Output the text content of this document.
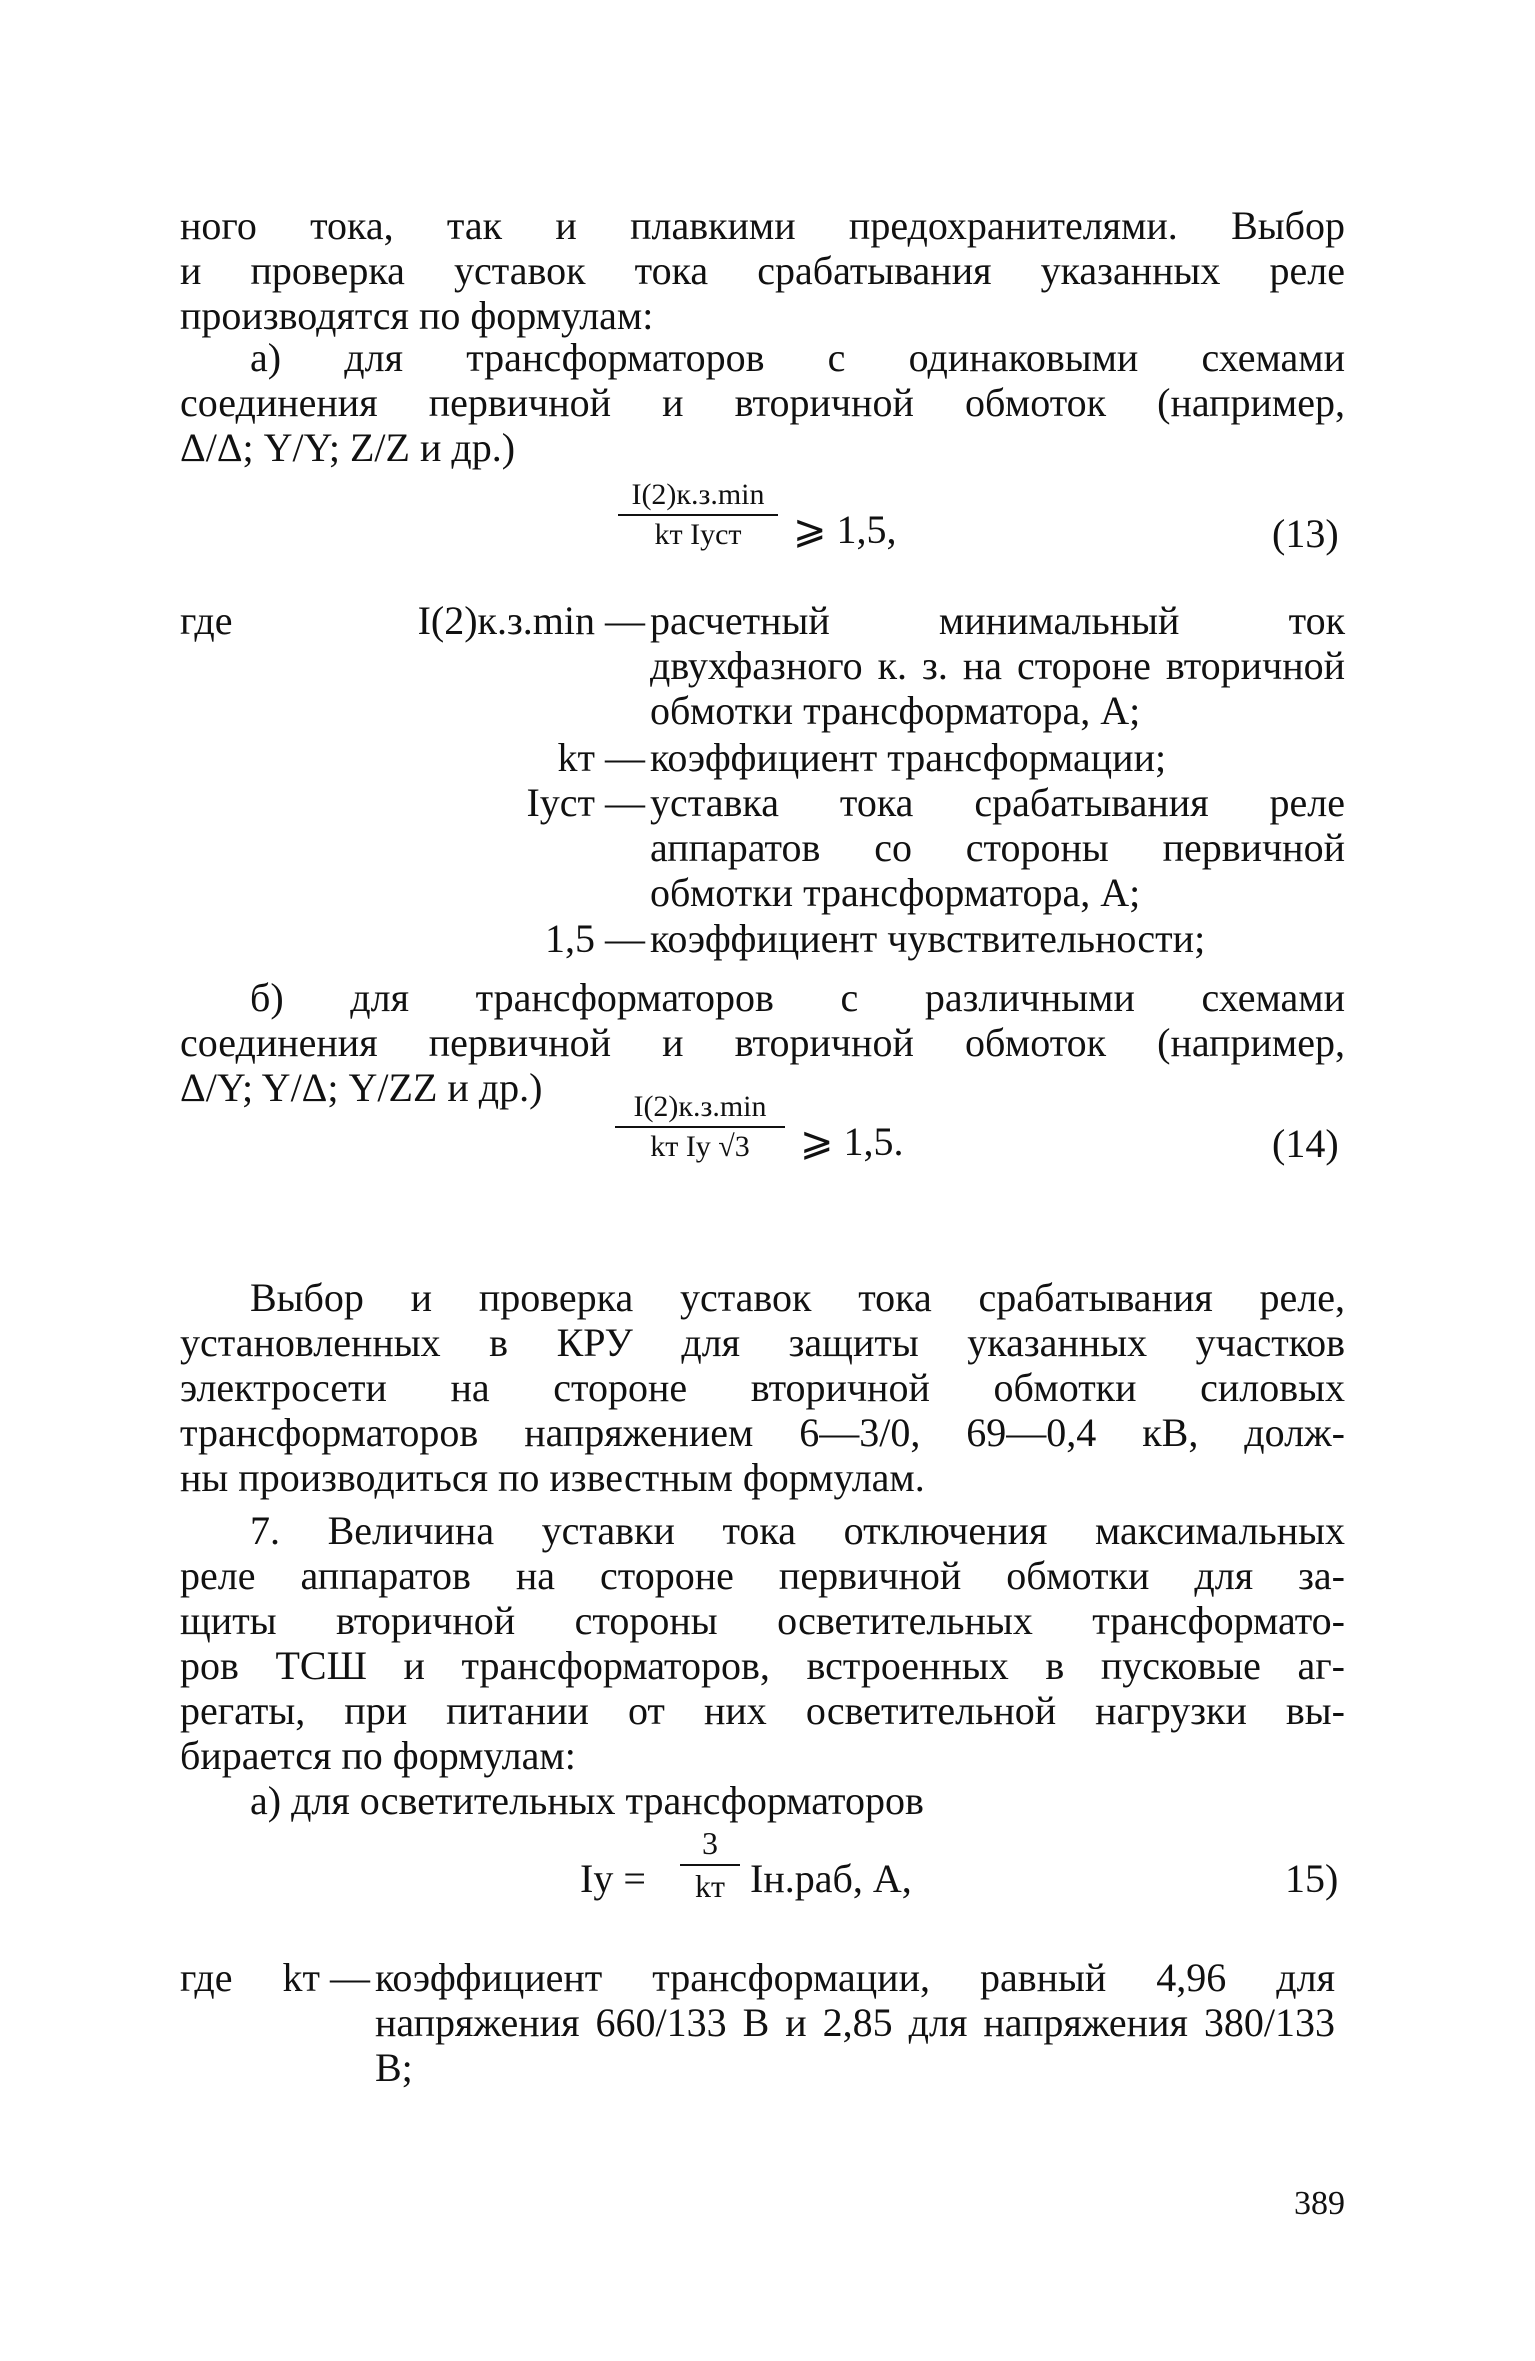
ного тока, так и плавкими предохранителями. Выбор
и проверка уставок тока срабатывания указанных реле
производятся по формулам:
а) для трансформаторов с одинаковыми схемами
соединения первичной и вторичной обмоток (например,
Δ/Δ; Y/Y; Z/Z и др.)
I(2)к.з.min
kт Iуст	⩾ 1,5,	(13)
где	I(2)к.з.min — расчетный минимальный ток двухфазного к. з. на стороне вторичной обмотки трансформатора, А;
kт — коэффициент трансформации;
Iуст — уставка тока срабатывания реле аппаратов со стороны первичной обмотки трансформатора, А;
1,5 — коэффициент чувствительности;
б) для трансформаторов с различными схемами
соединения первичной и вторичной обмоток (например,
Δ/Y; Y/Δ; Y/ZZ и др.)	I(2)к.з.min
kт Iу √3	⩾ 1,5.	(14)
Выбор и проверка уставок тока срабатывания реле,
установленных в КРУ для защиты указанных участков
электросети на стороне вторичной обмотки силовых
трансформаторов напряжением 6—3/0, 69—0,4 кВ, долж-
ны производиться по известным формулам.
7. Величина уставки тока отключения максимальных
реле аппаратов на стороне первичной обмотки для за-
щиты вторичной стороны осветительных трансформато-
ров ТСШ и трансформаторов, встроенных в пусковые аг-
регаты, при питании от них осветительной нагрузки вы-
бирается по формулам:
а) для осветительных трансформаторов
Iу =
3
kт Iн.раб, A,	15)
где	kт — коэффициент трансформации, равный 4,96 для напряжения 660/133 В и 2,85 для напряжения 380/133 В;
389
